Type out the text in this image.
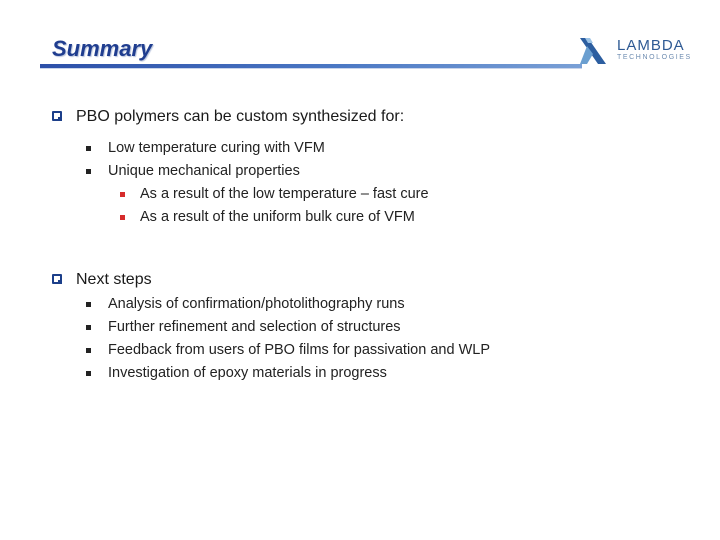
Summary	LAMBDA
TECHNOLOGIES
PBO polymers can be custom synthesized for:
Low temperature curing with VFM
Unique mechanical properties
As a result of the low temperature – fast cure
As a result of the uniform bulk cure of VFM
Next steps
Analysis of confirmation/photolithography runs
Further refinement and selection of structures
Feedback from users of PBO films for passivation and WLP
Investigation of epoxy materials in progress
